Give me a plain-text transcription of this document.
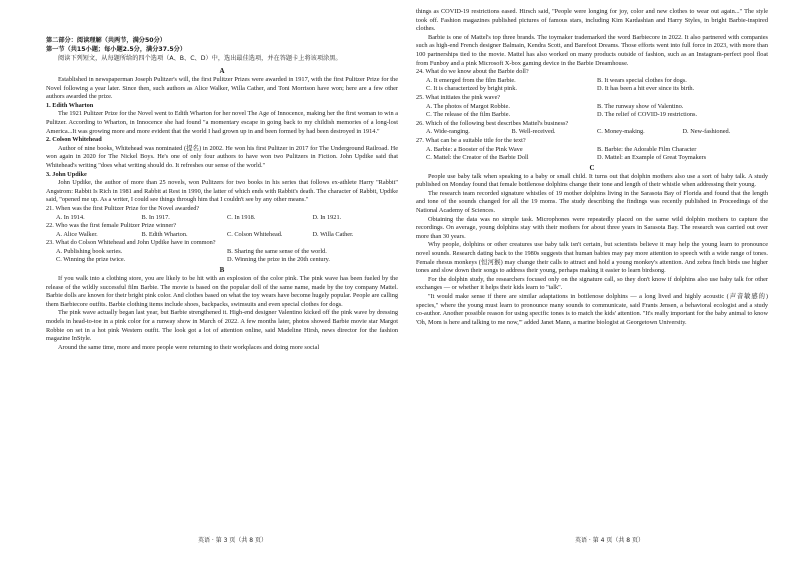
第二部分：阅读理解（共两节，满分50分）

第一节（共15小题；每小题2.5分，满分37.5分）

阅读下列短文，从每题所给的四个选项（A、B、C、D）中，选出最佳选项，并在答题卡上将该项涂黑。

A

Established in newspaperman Joseph Pulitzer's will, the first Pulitzer Prizes were awarded in 1917, with the first Pulitzer Prize for the Novel following a year later. Since then, such authors as Alice Walker, Willa Cather, and Toni Morrison have won; here are a few other authors awarded the prize.

1. Edith Wharton

The 1921 Pulitzer Prize for the Novel went to Edith Wharton for her novel The Age of Innocence, making her the first woman to win a Pulitzer. According to Wharton, in Innocence she had found "a momentary escape in going back to my childish memories of a long-lost America...It was growing more and more evident that the world I had grown up in and been formed by had been destroyed in 1914."

2. Colson Whitehead

Author of nine books, Whitehead was nominated (提名) in 2002. He won his first Pulitzer in 2017 for The Underground Railroad. He won again in 2020 for The Nickel Boys. He's one of only four authors to have won two Pulitzers in Fiction. John Updike said that Whitehead's writing "does what writing should do. It refreshes our sense of the world."

3. John Updike

John Updike, the author of more than 25 novels, won Pulitzers for two books in his series that follows ex-athlete Harry "Rabbit" Angstrom: Rabbit Is Rich in 1981 and Rabbit at Rest in 1990, the latter of which ends with Rabbit's death. The character of Rabbit, Updike said, "opened me up. As a writer, I could see things through him that I couldn't see by any other means."

21. When was the first Pulitzer Prize for the Novel awarded?

A. In 1914.	B. In 1917.	C. In 1918.	D. In 1921.

22. Who was the first female Pulitzer Prize winner?

A. Alice Walker.	B. Edith Wharton.	C. Colson Whitehead.	D. Willa Cather.

23. What do Colson Whitehead and John Updike have in common?

A. Publishing book series.	B. Sharing the same sense of the world.
C. Winning the prize twice.	D. Winning the prize in the 20th century.

B

If you walk into a clothing store, you are likely to be hit with an explosion of the color pink. The pink wave has been fueled by the release of the wildly successful film Barbie. The movie is based on the popular doll of the same name, made by the toy company Mattel. Barbie dolls are known for their bright pink color. And clothes based on what the toy wears have become hugely popular. People are calling them Barbiecore outfits. Barbie clothing items include shoes, backpacks, swimsuits and even special clothes for dogs.

The pink wave actually began last year, but Barbie strengthened it. High-end designer Valentino kicked off the pink wave by dressing models in head-to-toe in a pink color for a runway show in March of 2022. A few months later, photos showed Barbie movie star Margot Robbie on set in a hot pink Western outfit. The look got a lot of attention online, said Madeline Hirsh, news director for the fashion magazine InStyle.

Around the same time, more and more people were returning to their workplaces and doing more social

things as COVID-19 restrictions eased. Hirsch said, "People were longing for joy, color and new clothes to wear out again..." The style took off. Fashion magazines published pictures of famous stars, including Kim Kardashian and Harry Styles, in bright Barbie-inspired clothes.

Barbie is one of Mattel's top three brands. The toymaker trademarked the word Barbiecore in 2022. It also partnered with companies such as high-end French designer Balmain, Kendra Scott, and Barefoot Dreams. Those efforts went into full force in 2023, with more than 100 partnerships tied to the movie. Mattel has also worked on many products outside of fashion, such as an Instagram-perfect pool float from Funboy and a pink Microsoft X-box gaming device in the Barbie Dreamhouse.

24. What do we know about the Barbie doll?

A. It emerged from the film Barbie.	B. It wears special clothes for dogs.
C. It is characterized by bright pink.	D. It has been a hit ever since its birth.

25. What initiates the pink wave?

A. The photos of Margot Robbie.	B. The runway show of Valentino.
C. The release of the film Barbie.	D. The relief of COVID-19 restrictions.

26. Which of the following best describes Mattel's business?

A. Wide-ranging.	B. Well-received.	C. Money-making.	D. New-fashioned.

27. What can be a suitable title for the text?

A. Barbie: a Booster of the Pink Wave	B. Barbie: the Adorable Film Character
C. Mattel: the Creator of the Barbie Doll	D. Mattel: an Example of Great Toymakers

C

People use baby talk when speaking to a baby or small child. It turns out that dolphin mothers also use a sort of baby talk. A study published on Monday found that female bottlenose dolphins change their tone and length of their whistle when addressing their young.

The research team recorded signature whistles of 19 mother dolphins living in the Sarasota Bay of Florida and found that the length and tone of the sounds changed for all the 19 moms. The study describing the findings was recently published in Proceedings of the National Academy of Sciences.

Obtaining the data was no simple task. Microphones were repeatedly placed on the same wild dolphin mothers to capture the recordings. On average, young dolphins stay with their mothers for about three years in Sarasota Bay. The research was carried out over more than 30 years.

Why people, dolphins or other creatures use baby talk isn't certain, but scientists believe it may help the young learn to pronounce novel sounds. Research dating back to the 1980s suggests that human babies may pay more attention to speech with a wide range of tones. Female rhesus monkeys (恒河猴) may change their calls to attract and hold a young monkey's attention. And zebra finch birds use higher tones and slow down their songs to address their young, perhaps making it easier to learn birdsong.

For the dolphin study, the researchers focused only on the signature call, so they don't know if dolphins also use baby talk for other exchanges — or whether it helps their kids learn to "talk".

"It would make sense if there are similar adaptations in bottlenose dolphins — a long lived and highly acoustic (声音敏感的) species," where the young must learn to pronounce many sounds to communicate, said Frants Jensen, a behavioral ecologist and a study co-author. Another possible reason for using specific tones is to match the kids' attention. "It's really important for the baby animal to know 'Oh, Mom is here and talking to me now,'" added Janet Mann, a marine biologist at Georgetown University.

英语 · 第 3 页（共 8 页）	英语 · 第 4 页（共 8 页）
